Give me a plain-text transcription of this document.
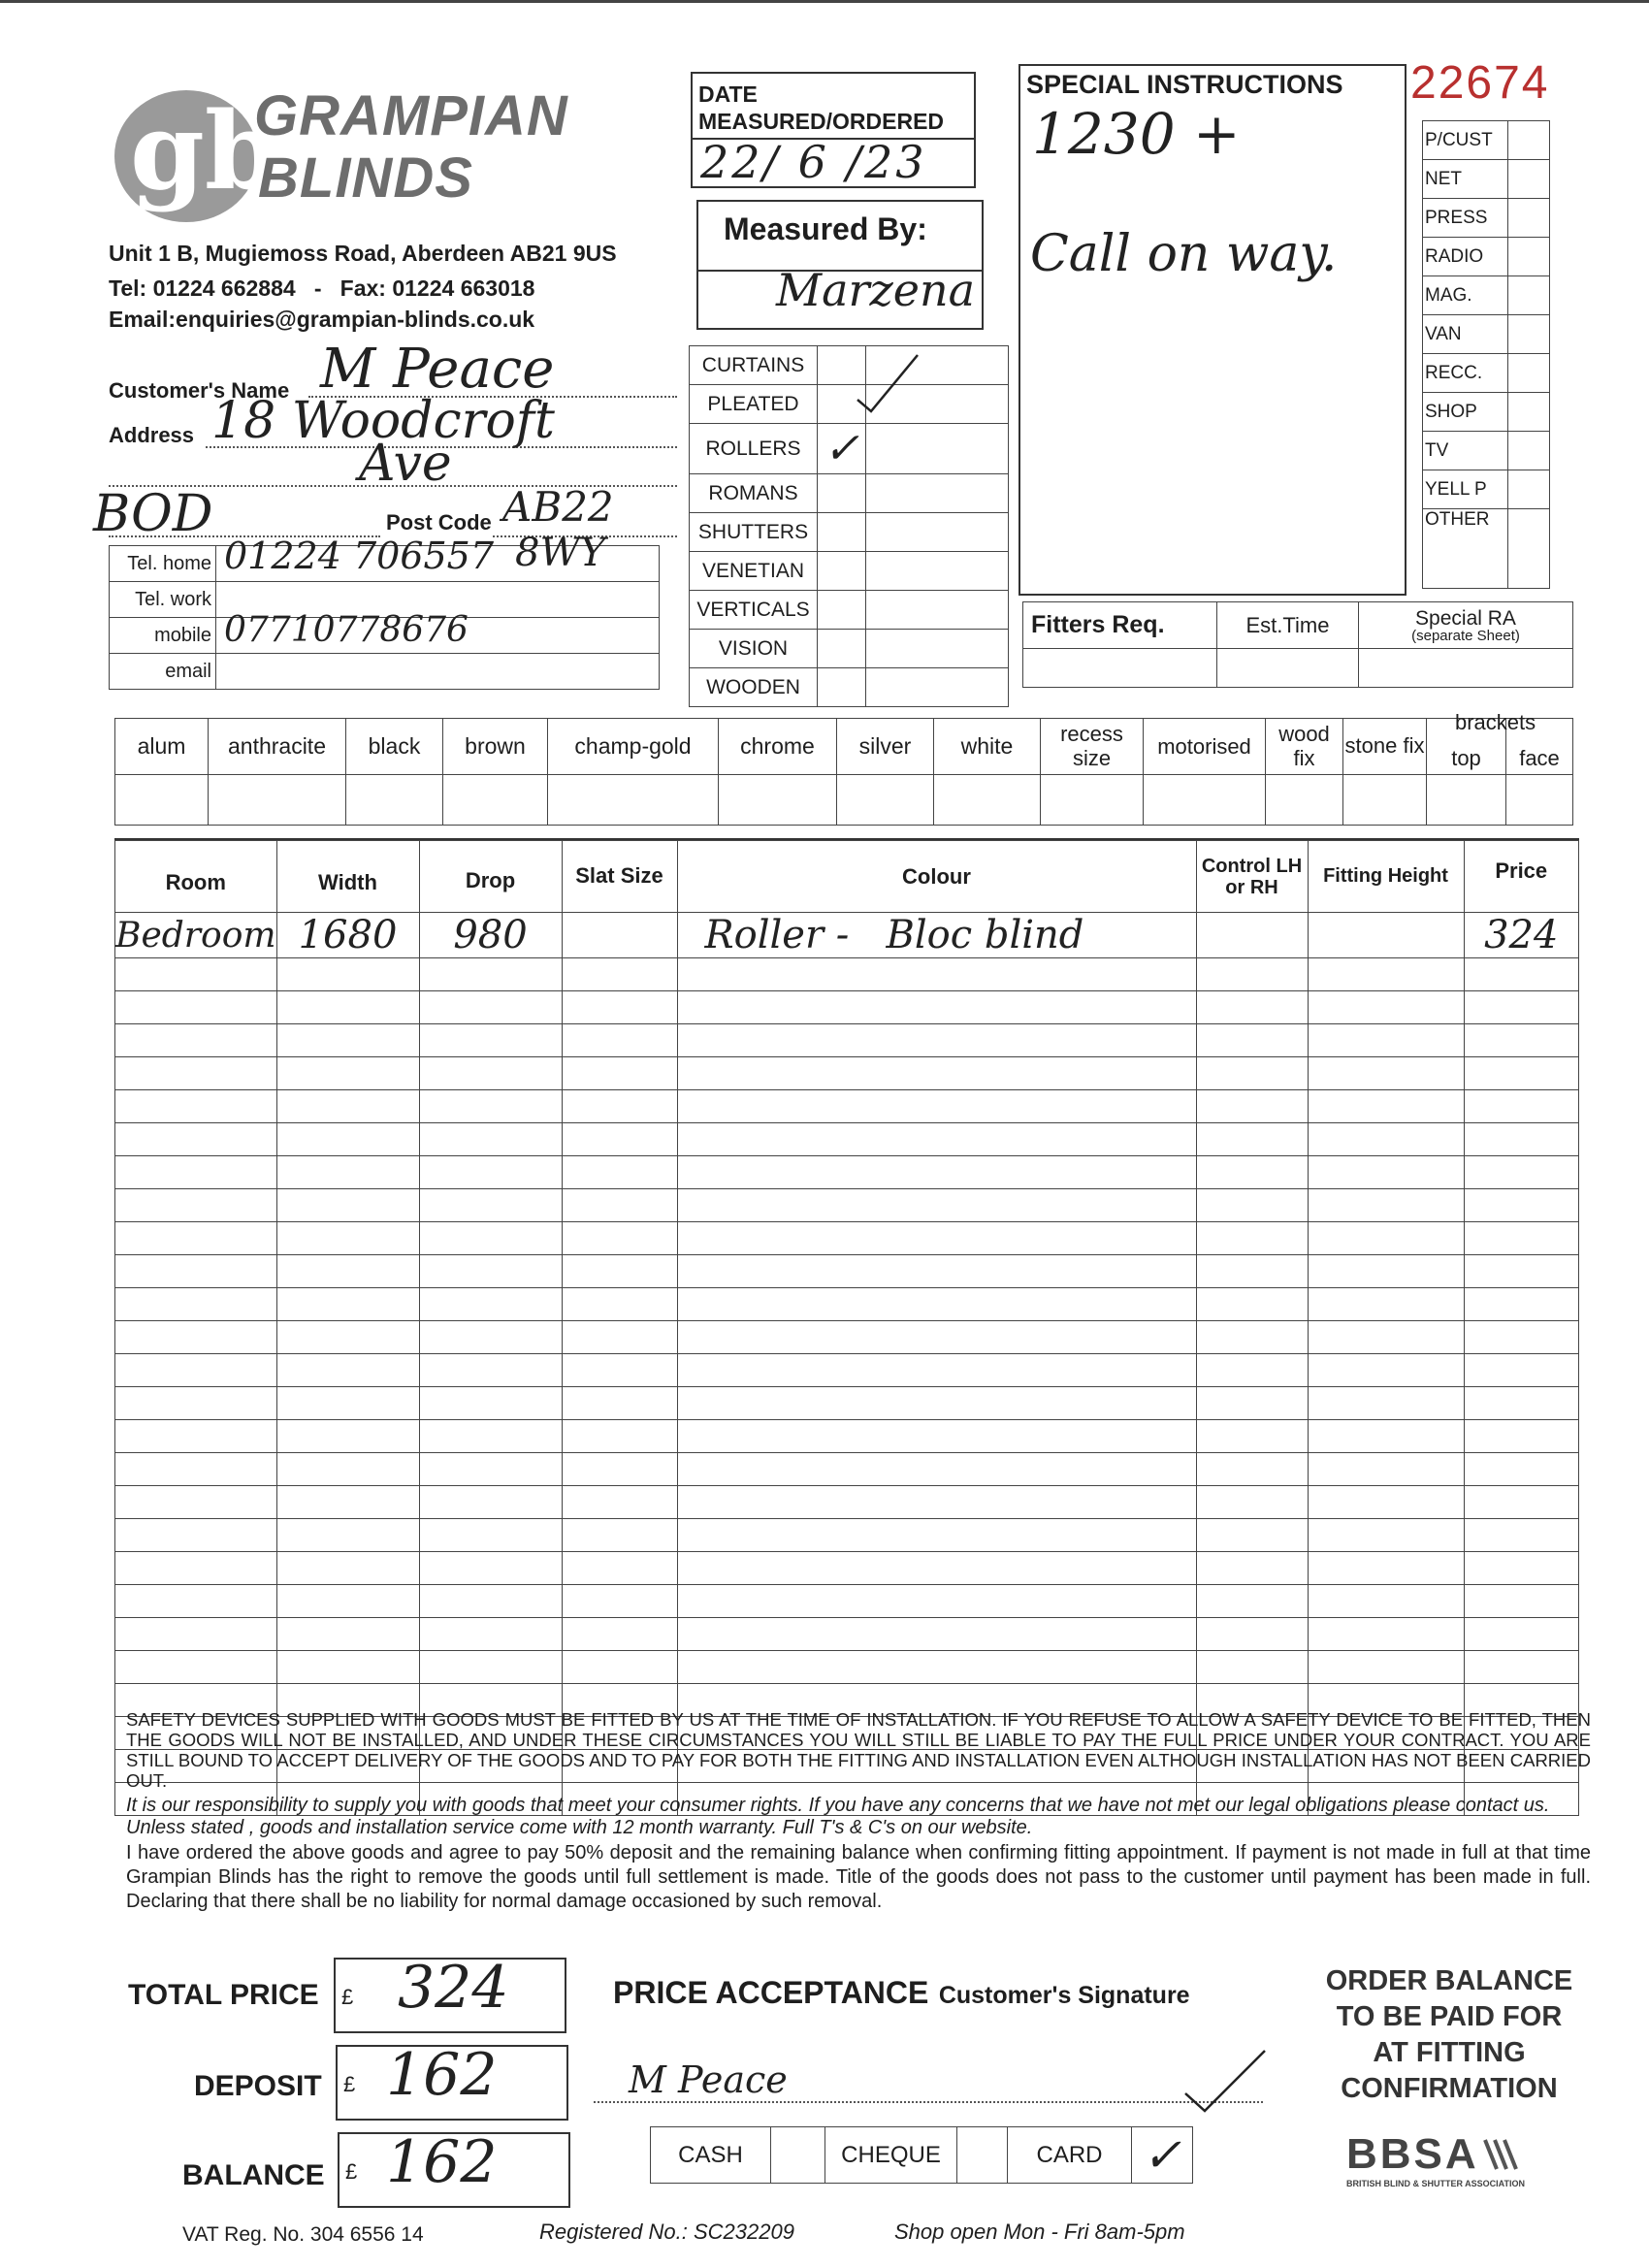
gb
GRAMPIAN
BLINDS
Unit 1 B, Mugiemoss Road, Aberdeen AB21 9US
Tel: 01224 662884   -   Fax: 01224 663018
Email:enquiries@grampian-blinds.co.uk
Customer's Name M Peace
Address 18 Woodcroft
Ave
BOD	Post Code AB22
Tel. home	01224 706557 8WY

Tel. work	
mobile	07710778676

email	
DATE
MEASURED/ORDERED
22/ 6 /23
Measured By:
Marzena
CURTAINS		
PLEATED		
ROLLERS	✓	
ROMANS		
SHUTTERS		
VENETIAN		
VERTICALS		
VISION		
WOODEN		
SPECIAL INSTRUCTIONS
1230 +
Call on way.
22674
P/CUST	
NET	
PRESS	
RADIO	
MAG.	
VAN	
RECC.	
SHOP	
TV	
YELL P	
OTHER	
Fitters Req.	Est.Time	Special RA
(separate Sheet)

alum	anthracite	black	brown	champ-gold	chrome	silver	white	recess size	motorised	wood fix	stone fix	top	face

brackets
Room	Width	Drop	Slat Size	Colour	Control LH or RH	Fitting Height	Price
Bedroom	1680	980		Roller -   Bloc blind			324

SAFETY DEVICES SUPPLIED WITH GOODS MUST BE FITTED BY US AT THE TIME OF INSTALLATION. IF YOU REFUSE TO ALLOW A SAFETY DEVICE TO BE FITTED, THEN THE GOODS WILL NOT BE INSTALLED, AND UNDER THESE CIRCUMSTANCES YOU WILL STILL BE LIABLE TO PAY THE FULL PRICE UNDER YOUR CONTRACT. YOU ARE STILL BOUND TO ACCEPT DELIVERY OF THE GOODS AND TO PAY FOR BOTH THE FITTING AND INSTALLATION EVEN ALTHOUGH INSTALLATION HAS NOT BEEN CARRIED OUT.
It is our responsibility to supply you with goods that meet your consumer rights. If you have any concerns that we have not met our legal obligations please contact us. Unless stated , goods and installation service come with 12 month warranty. Full T's & C's on our website.
I have ordered the above goods and agree to pay 50% deposit and the remaining balance when confirming fitting appointment. If payment is not made in full at that time Grampian Blinds has the right to remove the goods until full settlement is made. Title of the goods does not pass to the customer until payment has been made in full. Declaring that there shall be no liability for normal damage occasioned by such removal.
TOTAL PRICE £ 324
DEPOSIT £ 162
BALANCE £ 162
PRICE ACCEPTANCE Customer's Signature
M Peace
CASH		CHEQUE		CARD	✓
ORDER BALANCE
TO BE PAID FOR
AT FITTING
CONFIRMATION
BBSA
BRITISH BLIND & SHUTTER ASSOCIATION
VAT Reg. No. 304 6556 14	Registered No.: SC232209	Shop open Mon - Fri 8am-5pm
